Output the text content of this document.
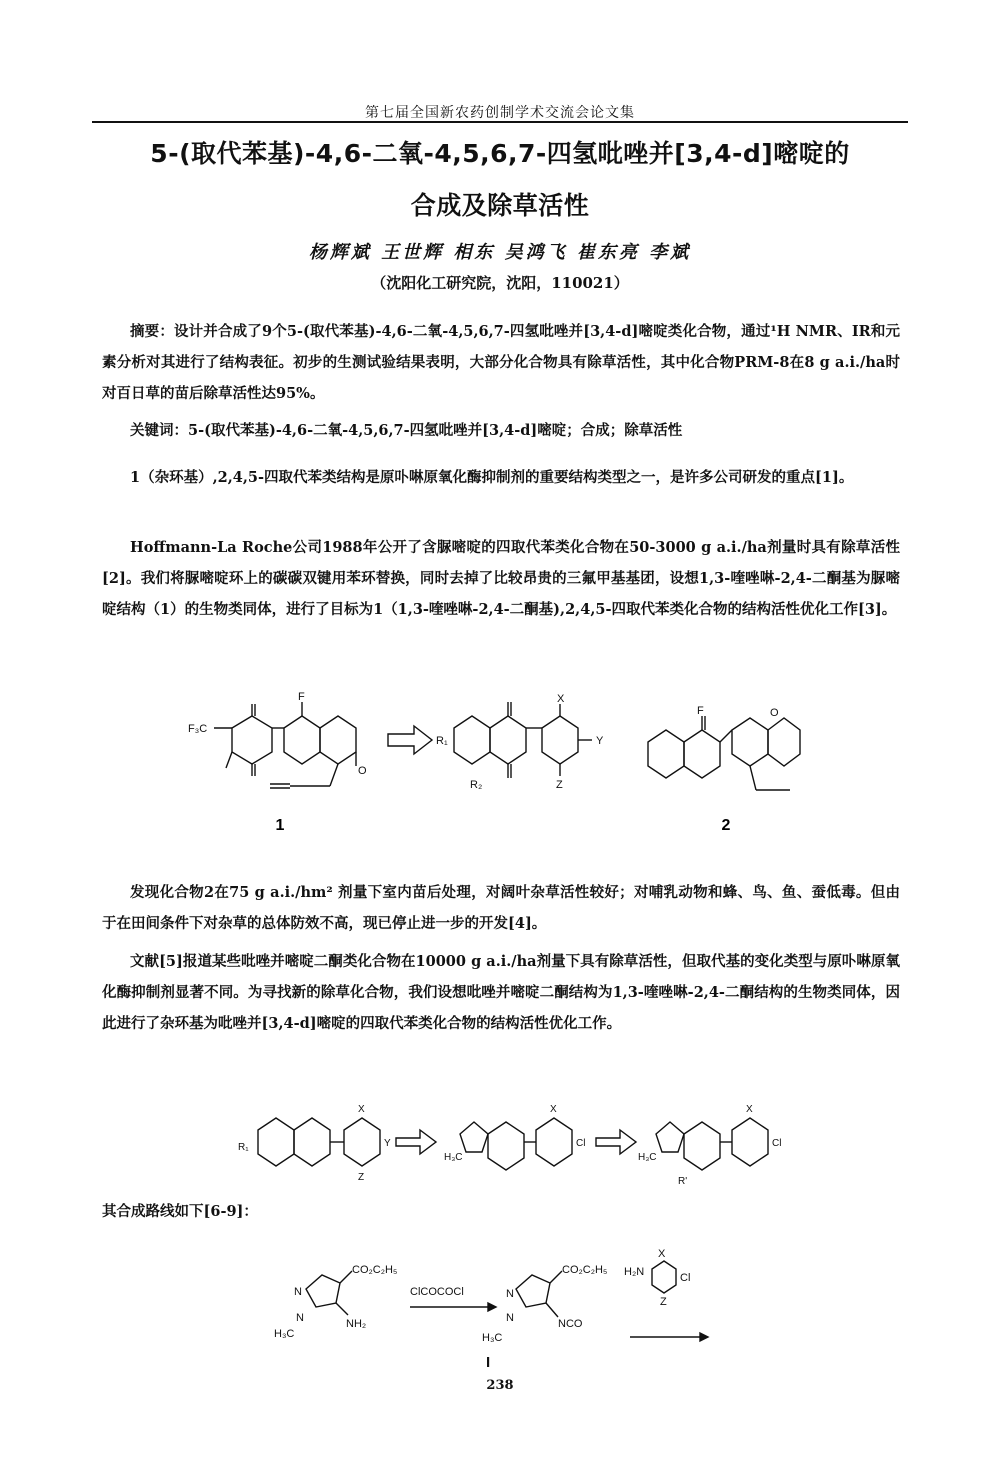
第七届全国新农药创制学术交流会论文集
5-(取代苯基)-4,6-二氧-4,5,6,7-四氢吡唑并[3,4-d]嘧啶的
合成及除草活性
杨辉斌 王世辉 相东 吴鸿飞 崔东亮 李斌
（沈阳化工研究院，沈阳，110021）
摘要：设计并合成了9个5-(取代苯基)-4,6-二氧-4,5,6,7-四氢吡唑并[3,4-d]嘧啶类化合物，通过¹H NMR、IR和元素分析对其进行了结构表征。初步的生测试验结果表明，大部分化合物具有除草活性，其中化合物PRM-8在8 g a.i./ha时对百日草的苗后除草活性达95%。
关键词：5-(取代苯基)-4,6-二氧-4,5,6,7-四氢吡唑并[3,4-d]嘧啶；合成；除草活性
1（杂环基）,2,4,5-四取代苯类结构是原卟啉原氧化酶抑制剂的重要结构类型之一，是许多公司研发的重点[1]。
Hoffmann-La Roche公司1988年公开了含脲嘧啶的四取代苯类化合物在50-3000 g a.i./ha剂量时具有除草活性[2]。我们将脲嘧啶环上的碳碳双键用苯环替换，同时去掉了比较昂贵的三氟甲基基团，设想1,3-喹唑啉-2,4-二酮基为脲嘧啶结构（1）的生物类同体，进行了目标为1（1,3-喹唑啉-2,4-二酮基),2,4,5-四取代苯类化合物的结构活性优化工作[3]。
F₃C
F
O
R₁
R₂
X
Y
Z
F	O
1	2
发现化合物2在75 g a.i./hm² 剂量下室内苗后处理，对阔叶杂草活性较好；对哺乳动物和蜂、鸟、鱼、蚕低毒。但由于在田间条件下对杂草的总体防效不高，现已停止进一步的开发[4]。
文献[5]报道某些吡唑并嘧啶二酮类化合物在10000 g a.i./ha剂量下具有除草活性，但取代基的变化类型与原卟啉原氧化酶抑制剂显著不同。为寻找新的除草化合物，我们设想吡唑并嘧啶二酮结构为1,3-喹唑啉-2,4-二酮结构的生物类同体，因此进行了杂环基为吡唑并[3,4-d]嘧啶的四取代苯类化合物的结构活性优化工作。
R₁
X
Y
Z
H₃C
X
Cl
H₃C
X
Cl
R'
其合成路线如下[6-9]：
CO₂C₂H₅
N
N	NH₂
H₃C
CO₂C₂H₅
N
N	NCO
H₃C
H₂N
X
Cl
Z
ClCOCOCl
I
238
